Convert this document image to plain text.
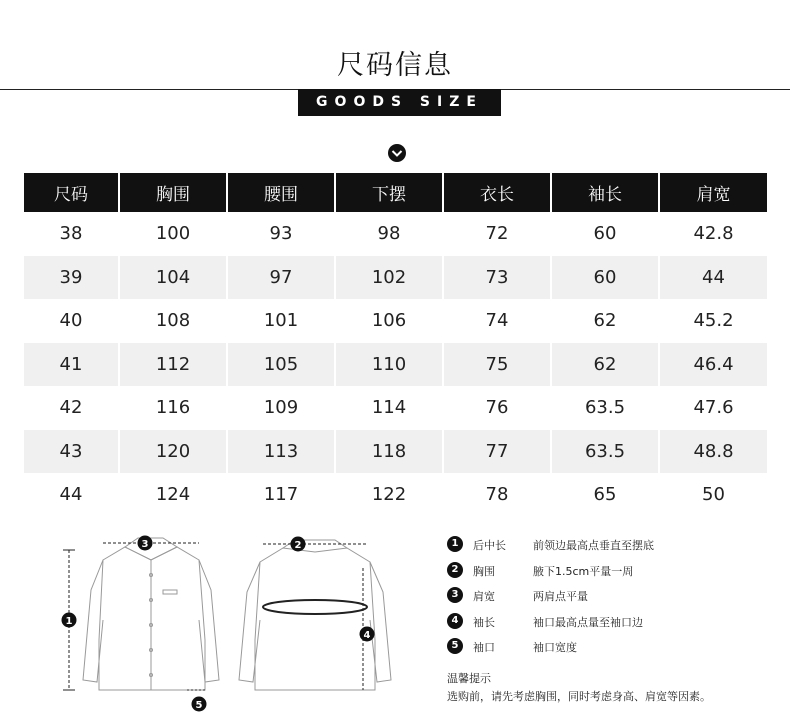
尺码信息
GOODS SIZE
尺码	胸围	腰围	下摆	衣长	袖长	肩宽
38	100	93	98	72	60	42.8
39	104	97	102	73	60	44
40	108	101	106	74	62	45.2
41	112	105	110	75	62	46.4
42	116	109	114	76	63.5	47.6
43	120	113	118	77	63.5	48.8
44	124	117	122	78	65	50
1
3
5
2
4
1	后中长 前领边最高点垂直至摆底
2	胸围	腋下1.5cm平量一周
3	肩宽	两肩点平量
4	袖长	袖口最高点量至袖口边
5	袖口	袖口宽度
温馨提示
选购前，请先考虑胸围，同时考虑身高、肩宽等因素。
